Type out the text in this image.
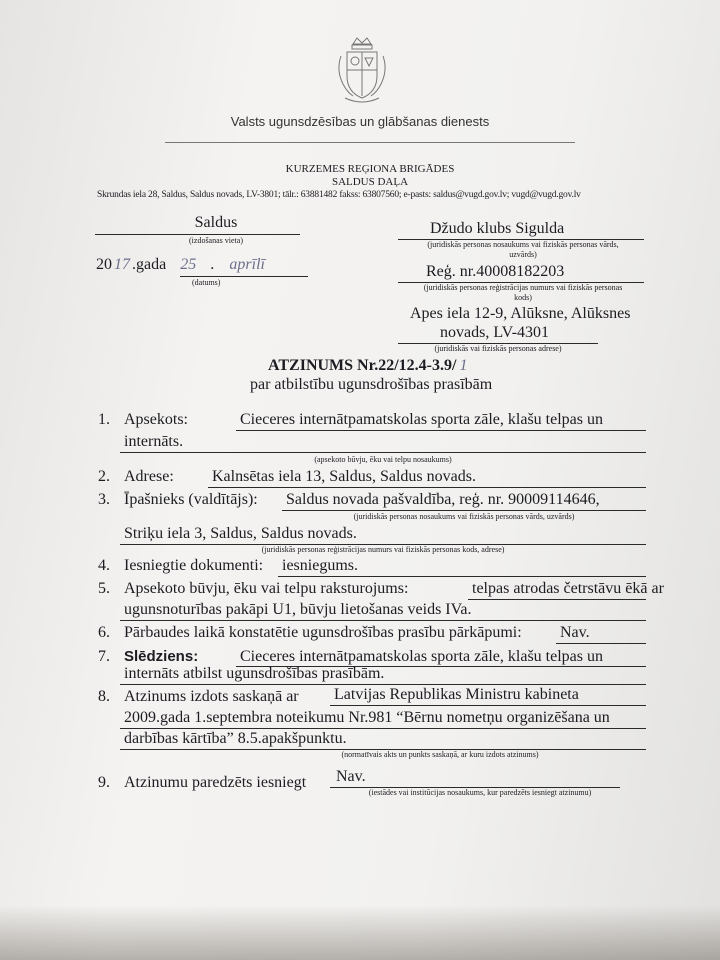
Valsts ugunsdzēsības un glābšanas dienests
KURZEMES REĢIONA BRIGĀDES
SALDUS DAĻA
Skrundas iela 28, Saldus, Saldus novads, LV-3801; tālr.: 63881482 fakss: 63807560; e-pasts: saldus@vugd.gov.lv; vugd@vugd.gov.lv
Saldus
(izdošanas vieta)
20 17 .gada 25 . aprīlī
(datums)
Džudo klubs Sigulda
(juridiskās personas nosaukums vai fiziskās personas vārds,
uzvārds)
Reģ. nr.40008182203
(juridiskās personas reģistrācijas numurs vai fiziskās personas
kods)
Apes iela 12-9, Alūksne, Alūksnes
novads, LV-4301
(juridiskās vai fiziskās personas adrese)
ATZINUMS Nr.22/12.4-3.9/ 1
par atbilstību ugunsdrošības prasībām
1. Apsekots:	Cieceres internātpamatskolas sporta zāle, klašu telpas un
internāts.
(apsekoto būvju, ēku vai telpu nosaukums)
2. Adrese: Kalnsētas iela 13, Saldus, Saldus novads.
3. Īpašnieks (valdītājs): Saldus novada pašvaldība, reģ. nr. 90009114646,
(juridiskās personas nosaukums vai fiziskās personas vārds, uzvārds)
Striķu iela 3, Saldus, Saldus novads.
(juridiskās personas reģistrācijas numurs vai fiziskās personas kods, adrese)
4. Iesniegtie dokumenti: iesniegums.
5. Apsekoto būvju, ēku vai telpu raksturojums:	telpas atrodas četrstāvu ēkā ar
ugunsnoturības pakāpi U1, būvju lietošanas veids IVa.
6. Pārbaudes laikā konstatētie ugunsdrošības prasību pārkāpumi: Nav.
7. Slēdziens:	Cieceres internātpamatskolas sporta zāle, klašu telpas un
internāts atbilst ugunsdrošības prasībām.
8. Atzinums izdots saskaņā ar Latvijas Republikas Ministru kabineta
2009.gada 1.septembra noteikumu Nr.981 “Bērnu nometņu organizēšana un
darbības kārtība” 8.5.apakšpunktu.
(normatīvais akts un punkts saskaņā, ar kuru izdots atzinums)
9. Atzinumu paredzēts iesniegt Nav.
(iestādes vai institūcijas nosaukums, kur paredzēts iesniegt atzinumu)
